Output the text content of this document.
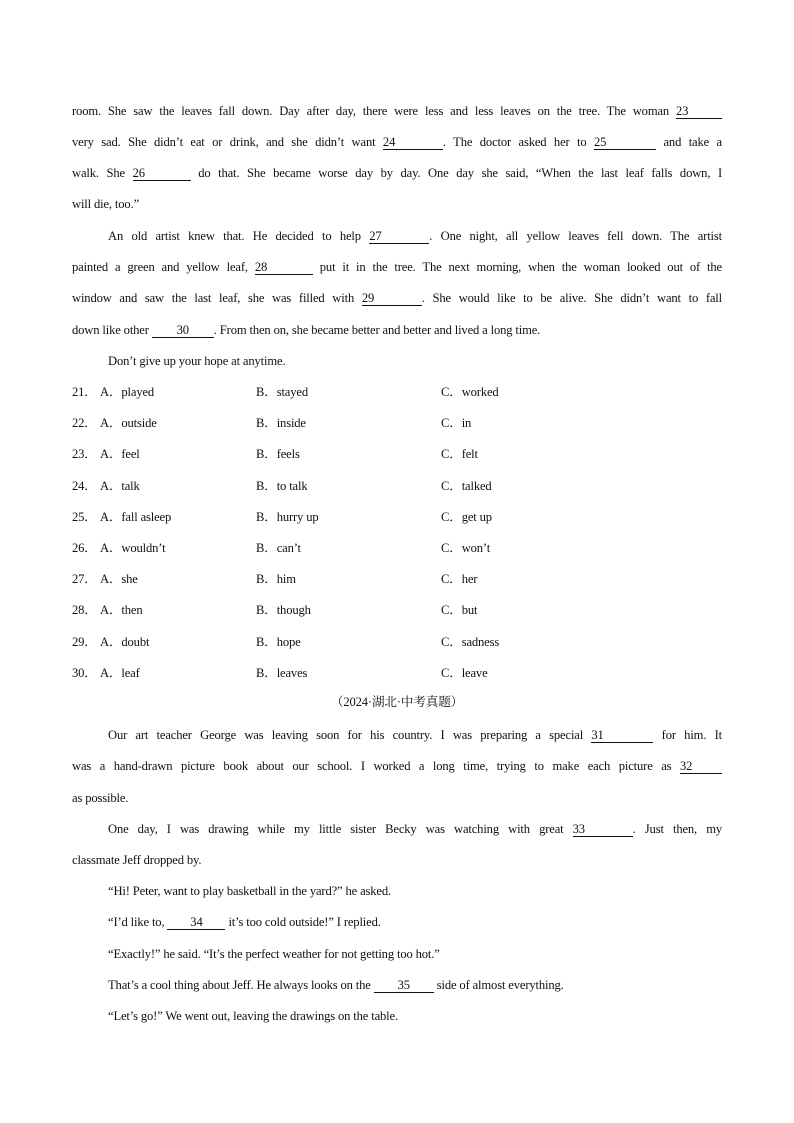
room. She saw the leaves fall down. Day after day, there were less and less leaves on the tree. The woman 23
very sad. She didn’t eat or drink, and she didn’t want 24	. The doctor asked her to 25	and take a
walk. She 26	do that. She became worse day by day. One day she said, “When the last leaf falls down, I
will die, too.”
An old artist knew that. He decided to help 27	. One night, all yellow leaves fell down. The artist
painted a green and yellow leaf, 28	put it in the tree. The next morning, when the woman looked out of the
window and saw the last leaf, she was filled with 29	. She would like to be alive. She didn’t want to fall
down like other 30 . From then on, she became better and better and lived a long time.
Don’t give up your hope at anytime.
21． A．played	B．stayed	C．worked
22． A．outside	B．inside	C．in
23． A．feel	B．feels	C．felt
24． A．talk	B．to talk	C．talked
25． A．fall asleep	B．hurry up	C．get up
26． A．wouldn’t	B．can’t	C．won’t
27． A．she	B．him	C．her
28． A．then	B．though	C．but
29． A．doubt	B．hope	C．sadness
30． A．leaf	B．leaves	C．leave
（2024·湖北·中考真题）
Our art teacher George was leaving soon for his country. I was preparing a special 31	for him. It
was a hand-drawn picture book about our school. I worked a long time, trying to make each picture as 32
as possible.
One day, I was drawing while my little sister Becky was watching with great 33	. Just then, my
classmate Jeff dropped by.
“Hi! Peter, want to play basketball in the yard?” he asked.
“I’d like to, 34 it’s too cold outside!” I replied.
“Exactly!” he said. “It’s the perfect weather for not getting too hot.”
That’s a cool thing about Jeff. He always looks on the 35 side of almost everything.
“Let’s go!” We went out, leaving the drawings on the table.
